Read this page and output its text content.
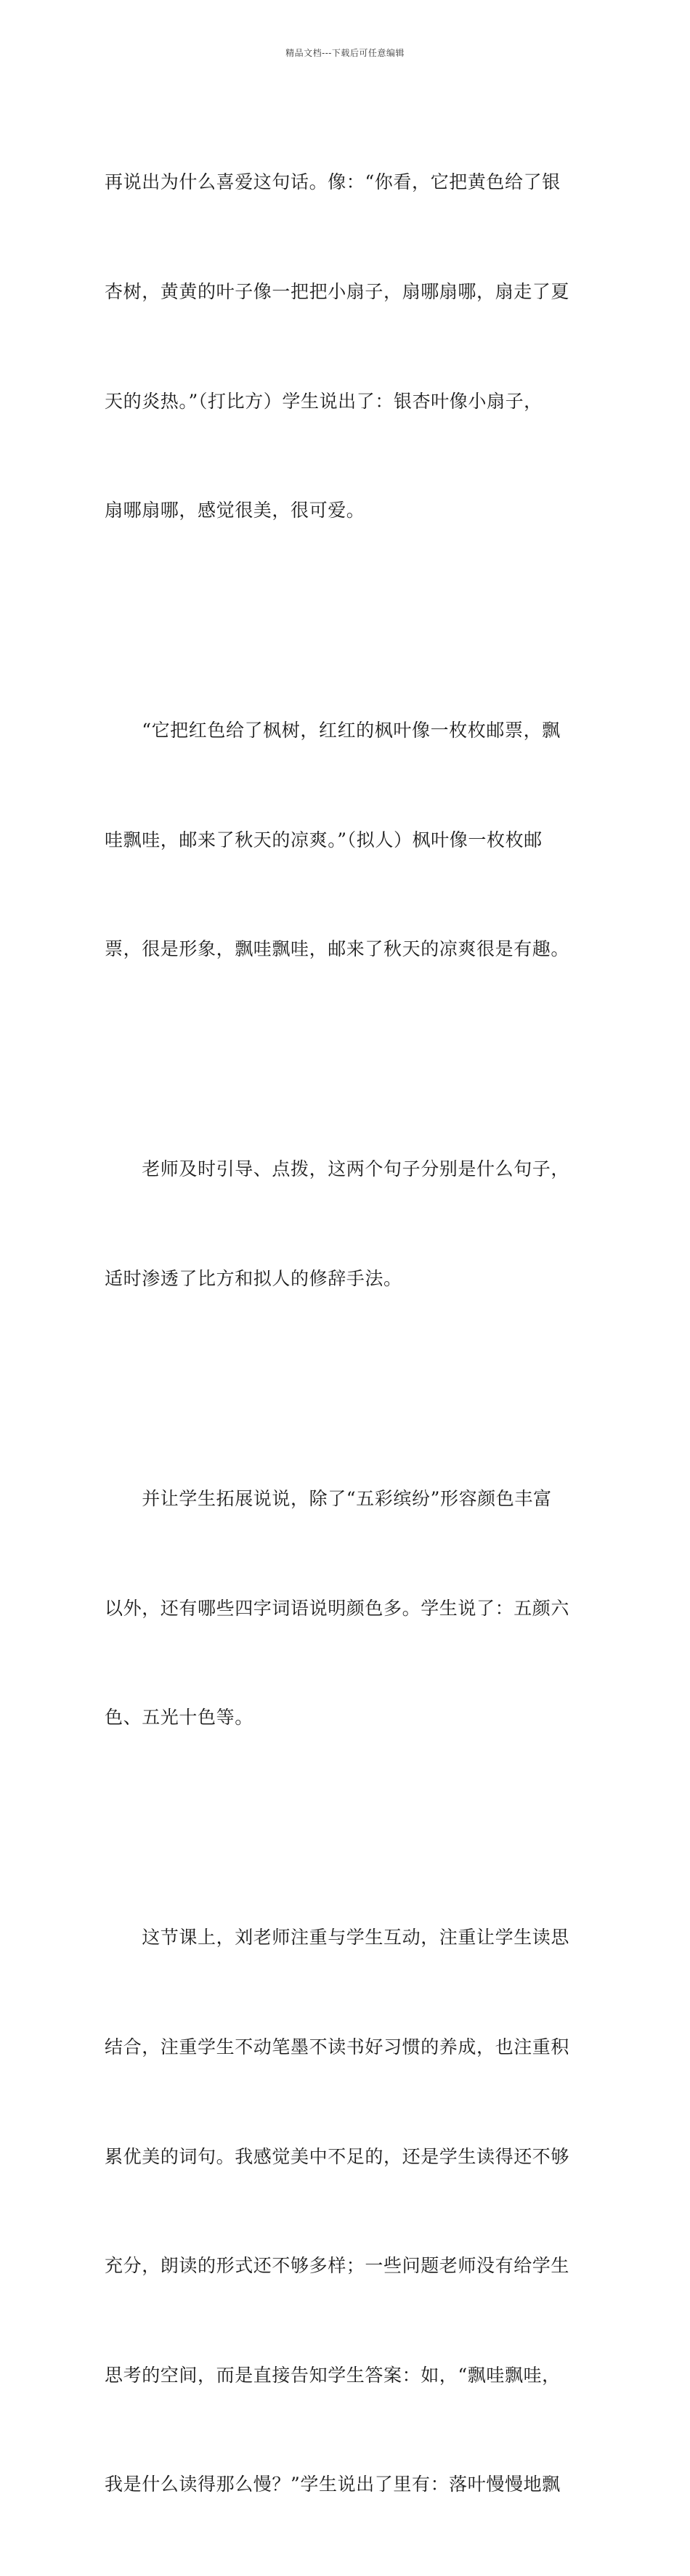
精品文档---下载后可任意编辑

再说出为什么喜爱这句话。像：“你看，它把黄色给了银

杏树，黄黄的叶子像一把把小扇子，扇哪扇哪，扇走了夏

天的炎热。”（打比方）学生说出了：银杏叶像小扇子，

扇哪扇哪，感觉很美，很可爱。

　　“它把红色给了枫树，红红的枫叶像一枚枚邮票，飘

哇飘哇，邮来了秋天的凉爽。”（拟人）枫叶像一枚枚邮

票，很是形象，飘哇飘哇，邮来了秋天的凉爽很是有趣。

　　老师及时引导、点拨，这两个句子分别是什么句子，

适时渗透了比方和拟人的修辞手法。

　　并让学生拓展说说，除了“五彩缤纷”形容颜色丰富

以外，还有哪些四字词语说明颜色多。学生说了：五颜六

色、五光十色等。

　　这节课上，刘老师注重与学生互动，注重让学生读思

结合，注重学生不动笔墨不读书好习惯的养成，也注重积

累优美的词句。我感觉美中不足的，还是学生读得还不够

充分，朗读的形式还不够多样；一些问题老师没有给学生

思考的空间，而是直接告知学生答案：如，“飘哇飘哇，

我是什么读得那么慢？”学生说出了里有：落叶慢慢地飘
